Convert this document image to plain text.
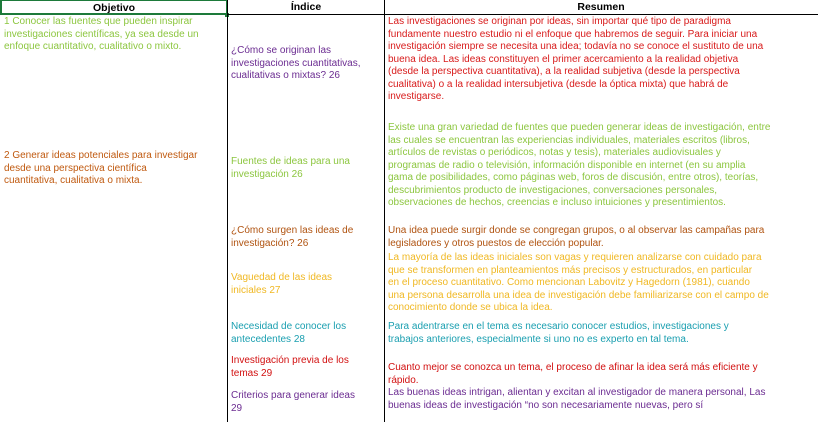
Objetivo	Índice	Resumen
1 Conocer las fuentes que pueden inspirar
investigaciones científicas, ya sea desde un
enfoque cuantitativo, cualitativo o mixto.
2 Generar ideas potenciales para investigar
desde una perspectiva científica
cuantitativa, cualitativa o mixta.
¿Cómo se originan las
investigaciones cuantitativas,
cualitativas o mixtas? 26
Fuentes de ideas para una
investigación 26
¿Cómo surgen las ideas de
investigación? 26
Vaguedad de las ideas
iniciales 27
Necesidad de conocer los
antecedentes 28
Investigación previa de los
temas 29
Criterios para generar ideas
29
Las investigaciones se originan por ideas, sin importar qué tipo de paradigma
fundamente nuestro estudio ni el enfoque que habremos de seguir. Para iniciar una
investigación siempre se necesita una idea; todavía no se conoce el sustituto de una
buena idea. Las ideas constituyen el primer acercamiento a la realidad objetiva
(desde la perspectiva cuantitativa), a la realidad subjetiva (desde la perspectiva
cualitativa) o a la realidad intersubjetiva (desde la óptica mixta) que habrá de
investigarse.
Existe una gran variedad de fuentes que pueden generar ideas de investigación, entre
las cuales se encuentran las experiencias individuales, materiales escritos (libros,
artículos de revistas o periódicos, notas y tesis), materiales audiovisuales y
programas de radio o televisión, información disponible en internet (en su amplia
gama de posibilidades, como páginas web, foros de discusión, entre otros), teorías,
descubrimientos producto de investigaciones, conversaciones personales,
observaciones de hechos, creencias e incluso intuiciones y presentimientos.
Una idea puede surgir donde se congregan grupos, o al observar las campañas para
legisladores y otros puestos de elección popular.
La mayoría de las ideas iniciales son vagas y requieren analizarse con cuidado para
que se transformen en planteamientos más precisos y estructurados, en particular
en el proceso cuantitativo. Como mencionan Labovitz y Hagedorn (1981), cuando
una persona desarrolla una idea de investigación debe familiarizarse con el campo de
conocimiento donde se ubica la idea.
Para adentrarse en el tema es necesario conocer estudios, investigaciones y
trabajos anteriores, especialmente si uno no es experto en tal tema.
Cuanto mejor se conozca un tema, el proceso de afinar la idea será más eficiente y
rápido.
Las buenas ideas intrigan, alientan y excitan al investigador de manera personal, Las
buenas ideas de investigación “no son necesariamente nuevas, pero sí
